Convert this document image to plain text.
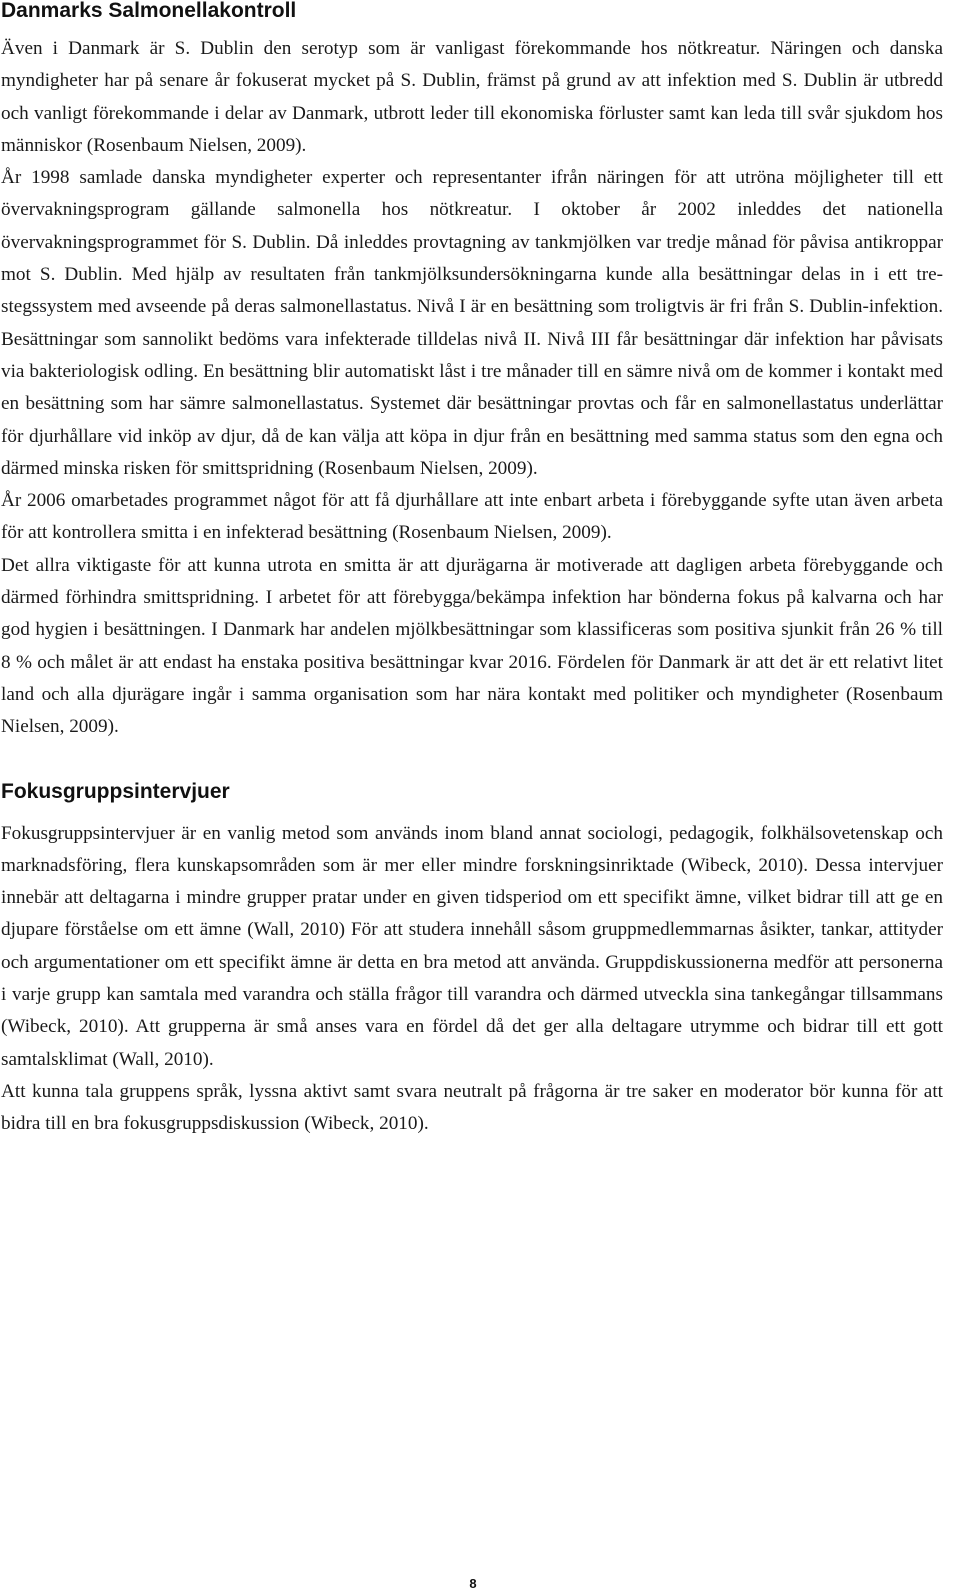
Danmarks Salmonellakontroll

Även i Danmark är S. Dublin den serotyp som är vanligast förekommande hos nötkreatur. Näringen och danska myndigheter har på senare år fokuserat mycket på S. Dublin, främst på grund av att infektion med S. Dublin är utbredd och vanligt förekommande i delar av Danmark, utbrott leder till ekonomiska förluster samt kan leda till svår sjukdom hos människor (Rosenbaum Nielsen, 2009).

År 1998 samlade danska myndigheter experter och representanter ifrån näringen för att utröna möjligheter till ett övervakningsprogram gällande salmonella hos nötkreatur. I oktober år 2002 inleddes det nationella övervakningsprogrammet för S. Dublin. Då inleddes provtagning av tankmjölken var tredje månad för påvisa antikroppar mot S. Dublin. Med hjälp av resultaten från tankmjölksundersökningarna kunde alla besättningar delas in i ett tre-stegssystem med avseende på deras salmonellastatus. Nivå I är en besättning som troligtvis är fri från S. Dublin-infektion. Besättningar som sannolikt bedöms vara infekterade tilldelas nivå II. Nivå III får besättningar där infektion har påvisats via bakteriologisk odling. En besättning blir automatiskt låst i tre månader till en sämre nivå om de kommer i kontakt med en besättning som har sämre salmonellastatus. Systemet där besättningar provtas och får en salmonellastatus underlättar för djurhållare vid inköp av djur, då de kan välja att köpa in djur från en besättning med samma status som den egna och därmed minska risken för smittspridning (Rosenbaum Nielsen, 2009).

År 2006 omarbetades programmet något för att få djurhållare att inte enbart arbeta i förebyggande syfte utan även arbeta för att kontrollera smitta i en infekterad besättning (Rosenbaum Nielsen, 2009).

Det allra viktigaste för att kunna utrota en smitta är att djurägarna är motiverade att dagligen arbeta förebyggande och därmed förhindra smittspridning. I arbetet för att förebygga/bekämpa infektion har bönderna fokus på kalvarna och har god hygien i besättningen. I Danmark har andelen mjölkbesättningar som klassificeras som positiva sjunkit från 26 % till 8 % och målet är att endast ha enstaka positiva besättningar kvar 2016. Fördelen för Danmark är att det är ett relativt litet land och alla djurägare ingår i samma organisation som har nära kontakt med politiker och myndigheter (Rosenbaum Nielsen, 2009).

Fokusgruppsintervjuer

Fokusgruppsintervjuer är en vanlig metod som används inom bland annat sociologi, pedagogik, folkhälsovetenskap och marknadsföring, flera kunskapsområden som är mer eller mindre forskningsinriktade (Wibeck, 2010). Dessa intervjuer innebär att deltagarna i mindre grupper pratar under en given tidsperiod om ett specifikt ämne, vilket bidrar till att ge en djupare förståelse om ett ämne (Wall, 2010) För att studera innehåll såsom gruppmedlemmarnas åsikter, tankar, attityder och argumentationer om ett specifikt ämne är detta en bra metod att använda. Gruppdiskussionerna medför att personerna i varje grupp kan samtala med varandra och ställa frågor till varandra och därmed utveckla sina tankegångar tillsammans (Wibeck, 2010). Att grupperna är små anses vara en fördel då det ger alla deltagare utrymme och bidrar till ett gott samtalsklimat (Wall, 2010).

Att kunna tala gruppens språk, lyssna aktivt samt svara neutralt på frågorna är tre saker en moderator bör kunna för att bidra till en bra fokusgruppsdiskussion (Wibeck, 2010).

8
